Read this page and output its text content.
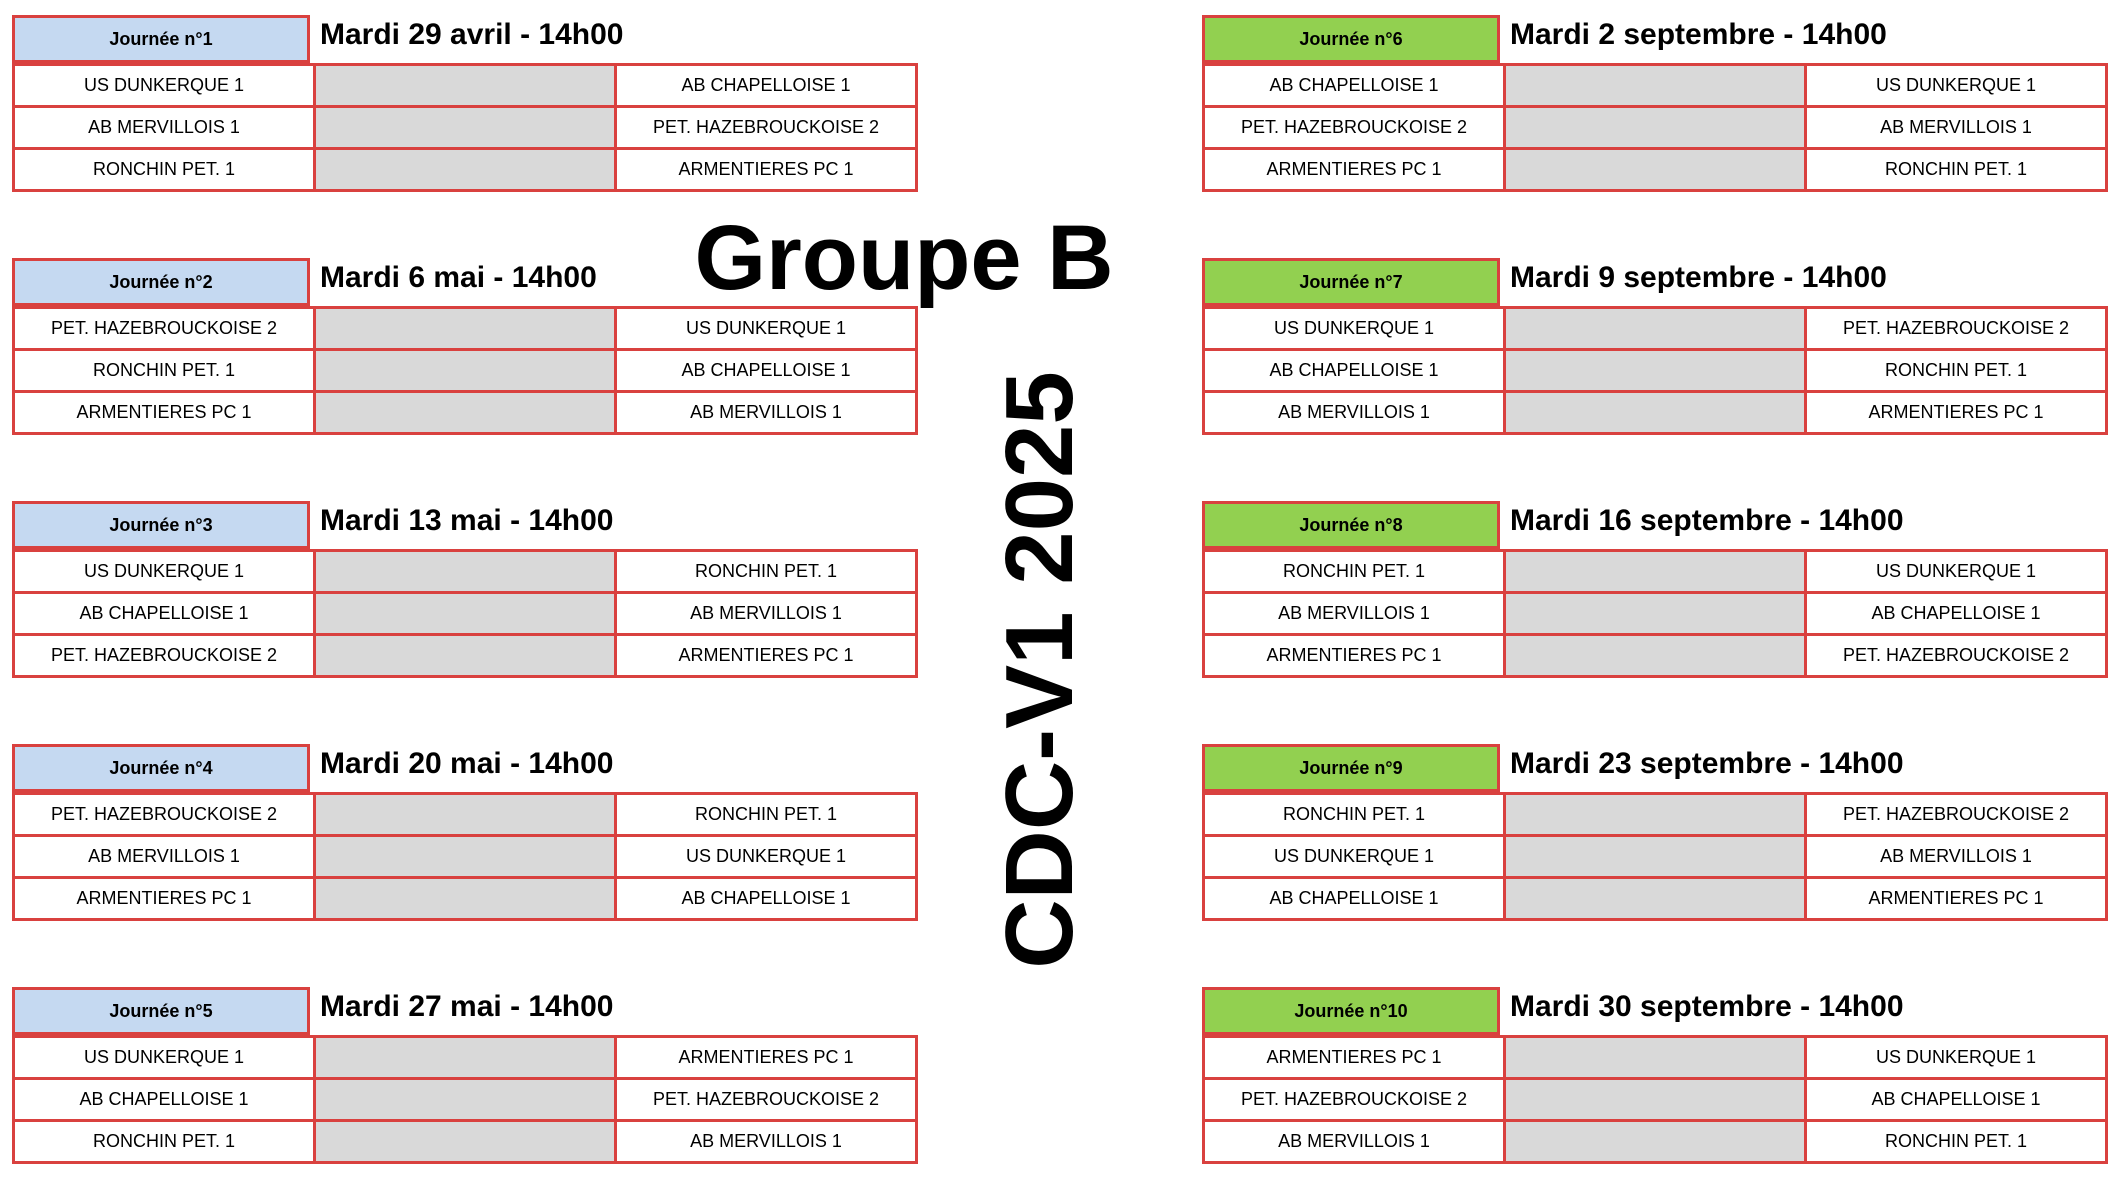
Groupe B
CDC-V1 2025
Journée n°1	Mardi 29 avril - 14h00
US DUNKERQUE 1		AB CHAPELLOISE 1
AB MERVILLOIS 1		PET. HAZEBROUCKOISE 2
RONCHIN PET. 1		ARMENTIERES PC 1
Journée n°2	Mardi 6 mai - 14h00
PET. HAZEBROUCKOISE 2		US DUNKERQUE 1
RONCHIN PET. 1		AB CHAPELLOISE 1
ARMENTIERES PC 1		AB MERVILLOIS 1
Journée n°3	Mardi 13 mai - 14h00
US DUNKERQUE 1		RONCHIN PET. 1
AB CHAPELLOISE 1		AB MERVILLOIS 1
PET. HAZEBROUCKOISE 2		ARMENTIERES PC 1
Journée n°4	Mardi 20 mai - 14h00
PET. HAZEBROUCKOISE 2		RONCHIN PET. 1
AB MERVILLOIS 1		US DUNKERQUE 1
ARMENTIERES PC 1		AB CHAPELLOISE 1
Journée n°5	Mardi 27 mai - 14h00
US DUNKERQUE 1		ARMENTIERES PC 1
AB CHAPELLOISE 1		PET. HAZEBROUCKOISE 2
RONCHIN PET. 1		AB MERVILLOIS 1
Journée n°6	Mardi 2 septembre - 14h00
AB CHAPELLOISE 1		US DUNKERQUE 1
PET. HAZEBROUCKOISE 2		AB MERVILLOIS 1
ARMENTIERES PC 1		RONCHIN PET. 1
Journée n°7	Mardi 9 septembre - 14h00
US DUNKERQUE 1		PET. HAZEBROUCKOISE 2
AB CHAPELLOISE 1		RONCHIN PET. 1
AB MERVILLOIS 1		ARMENTIERES PC 1
Journée n°8	Mardi 16 septembre - 14h00
RONCHIN PET. 1		US DUNKERQUE 1
AB MERVILLOIS 1		AB CHAPELLOISE 1
ARMENTIERES PC 1		PET. HAZEBROUCKOISE 2
Journée n°9	Mardi 23 septembre - 14h00
RONCHIN PET. 1		PET. HAZEBROUCKOISE 2
US DUNKERQUE 1		AB MERVILLOIS 1
AB CHAPELLOISE 1		ARMENTIERES PC 1
Journée n°10	Mardi 30 septembre - 14h00
ARMENTIERES PC 1		US DUNKERQUE 1
PET. HAZEBROUCKOISE 2		AB CHAPELLOISE 1
AB MERVILLOIS 1		RONCHIN PET. 1
